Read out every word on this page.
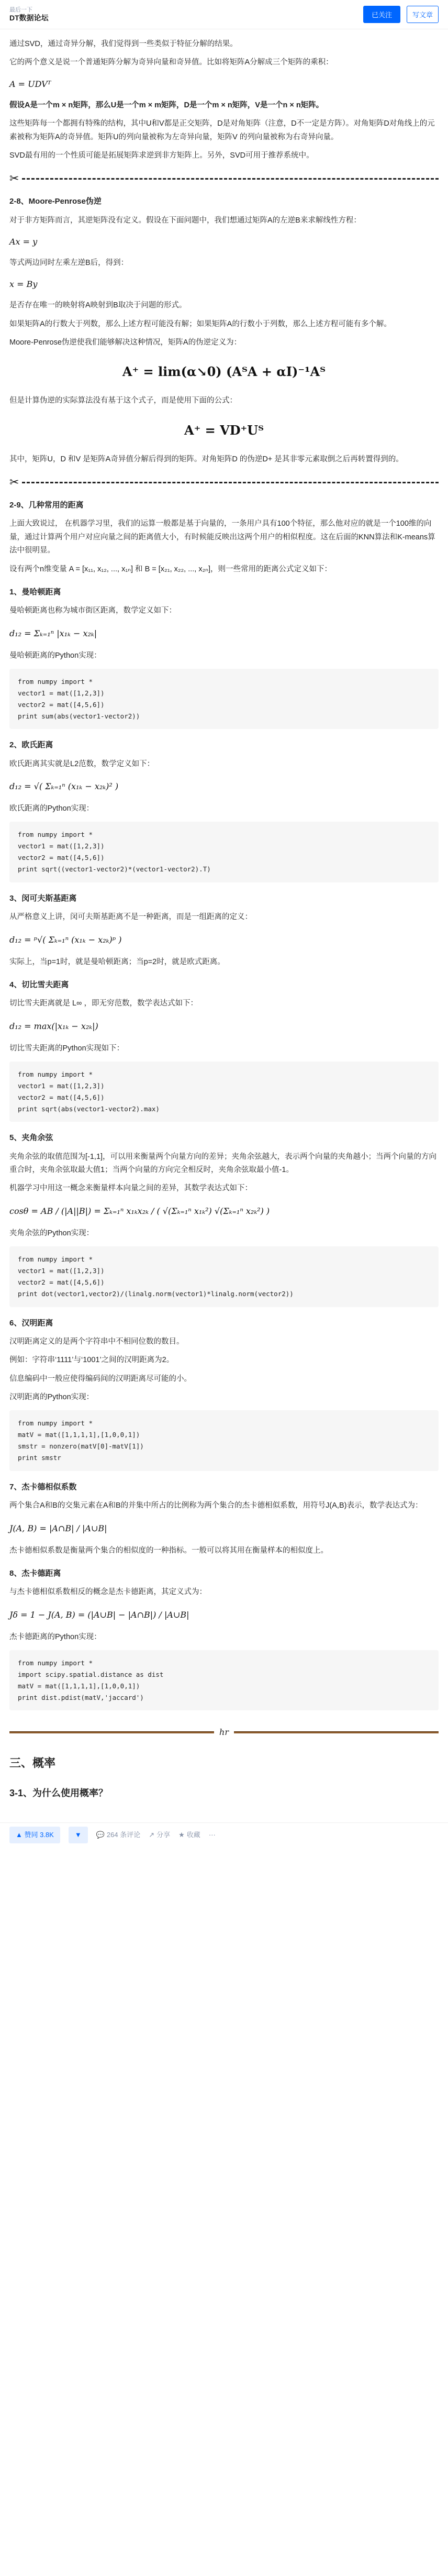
最后一下
DT数据论坛	已关注	写文章

通过SVD，通过奇异分解，我们觉得到一些类似于特征分解的结果。

它的两个意义是说一个普通矩阵分解为奇异向量和奇异值。比如将矩阵A分解成三个矩阵的乘积：

A = UDVᵀ

假设A是一个m × n矩阵，那么U是一个m × m矩阵，D是一个m × n矩阵，V是一个n × n矩阵。

这些矩阵每一个都拥有特殊的结构，其中U和V都是正交矩阵，D是对角矩阵（注意，D不一定是方阵）。对角矩阵D对角线上的元素被称为矩阵A的奇异值。矩阵U的列向量被称为左奇异向量，矩阵V 的列向量被称为右奇异向量。

SVD最有用的一个性质可能是拓展矩阵求逆到非方矩阵上。另外，SVD可用于推荐系统中。

✂
2-8、Moore-Penrose伪逆

对于非方矩阵而言，其逆矩阵没有定义。假设在下面问题中，我们想通过矩阵A的左逆B来求解线性方程：

Ax = y

等式两边同时左乘左逆B后，得到：

x = By

是否存在唯一的映射将A映射到B取决于问题的形式。

如果矩阵A的行数大于列数，那么上述方程可能没有解；如果矩阵A的行数小于列数，那么上述方程可能有多个解。

Moore-Penrose伪逆使我们能够解决这种情况，矩阵A的伪逆定义为：

A⁺ = lim(α↘0) (AᵀA + αI)⁻¹Aᵀ

但是计算伪逆的实际算法没有基于这个式子，而是使用下面的公式：

A⁺ = VD⁺Uᵀ

其中，矩阵U，D 和V 是矩阵A奇异值分解后得到的矩阵。对角矩阵D 的伪逆D+ 是其非零元素取倒之后再转置得到的。

✂
2-9、几种常用的距离

上面大致说过， 在机器学习里，我们的运算一般都是基于向量的，一条用户具有100个特征，那么他对应的就是一个100维的向量，通过计算两个用户对应向量之间的距离值大小，有时候能反映出这两个用户的相似程度。这在后面的KNN算法和K-means算法中很明显。

设有两个n维变量 A = [x₁₁, x₁₂, ..., x₁ₙ] 和 B = [x₂₁, x₂₂, ..., x₂ₙ]，则一些常用的距离公式定义如下：

1、曼哈顿距离

曼哈顿距离也称为城市街区距离，数学定义如下：

d₁₂ = Σₖ₌₁ⁿ |x₁ₖ − x₂ₖ|

曼哈顿距离的Python实现：

from numpy import *
vector1 = mat([1,2,3])
vector2 = mat([4,5,6])
print sum(abs(vector1-vector2))
2、欧氏距离

欧氏距离其实就是L2范数，数学定义如下：

d₁₂ = √( Σₖ₌₁ⁿ (x₁ₖ − x₂ₖ)² )

欧氏距离的Python实现：

from numpy import *
vector1 = mat([1,2,3])
vector2 = mat([4,5,6])
print sqrt((vector1-vector2)*(vector1-vector2).T)
3、闵可夫斯基距离

从严格意义上讲，闵可夫斯基距离不是一种距离，而是一组距离的定义：

d₁₂ = ᵖ√( Σₖ₌₁ⁿ (x₁ₖ − x₂ₖ)ᵖ )

实际上，当p=1时，就是曼哈顿距离；当p=2时，就是欧式距离。

4、切比雪夫距离

切比雪夫距离就是 L∞ ，即无穷范数，数学表达式如下：

d₁₂ = max(|x₁ₖ − x₂ₖ|)

切比雪夫距离的Python实现如下：

from numpy import *
vector1 = mat([1,2,3])
vector2 = mat([4,5,6])
print sqrt(abs(vector1-vector2).max)
5、夹角余弦

夹角余弦的取值范围为[-1,1]，可以用来衡量两个向量方向的差异；夹角余弦越大，表示两个向量的夹角越小；当两个向量的方向重合时，夹角余弦取最大值1；当两个向量的方向完全相反时，夹角余弦取最小值-1。

机器学习中用这一概念来衡量样本向量之间的差异，其数学表达式如下：

cosθ = AB / (|A||B|) = Σₖ₌₁ⁿ x₁ₖx₂ₖ / ( √(Σₖ₌₁ⁿ x₁ₖ²) √(Σₖ₌₁ⁿ x₂ₖ²) )

夹角余弦的Python实现：

from numpy import *
vector1 = mat([1,2,3])
vector2 = mat([4,5,6])
print dot(vector1,vector2)/(linalg.norm(vector1)*linalg.norm(vector2))
6、汉明距离

汉明距离定义的是两个字符串中不相同位数的数目。

例如：字符串‘1111’与‘1001’之间的汉明距离为2。

信息编码中一般应使得编码间的汉明距离尽可能的小。

汉明距离的Python实现：

from numpy import *
matV = mat([1,1,1,1],[1,0,0,1])
smstr = nonzero(matV[0]-matV[1])
print smstr
7、杰卡德相似系数

两个集合A和B的交集元素在A和B的并集中所占的比例称为两个集合的杰卡德相似系数，用符号J(A,B)表示，数学表达式为：

J(A, B) = |A∩B| / |A∪B|

杰卡德相似系数是衡量两个集合的相似度的一种指标。一般可以将其用在衡量样本的相似度上。

8、杰卡德距离

与杰卡德相似系数相反的概念是杰卡德距离，其定义式为：

Jδ = 1 − J(A, B) = (|A∪B| − |A∩B|) / |A∪B|

杰卡德距离的Python实现：

from numpy import *
import scipy.spatial.distance as dist
matV = mat([1,1,1,1],[1,0,0,1])
print dist.pdist(matV,'jaccard')
hr
三、概率
3-1、为什么使用概率？
▲ 赞同 3.8K	▼	💬 264 条评论 ↗ 分享 ★ 收藏 ···
